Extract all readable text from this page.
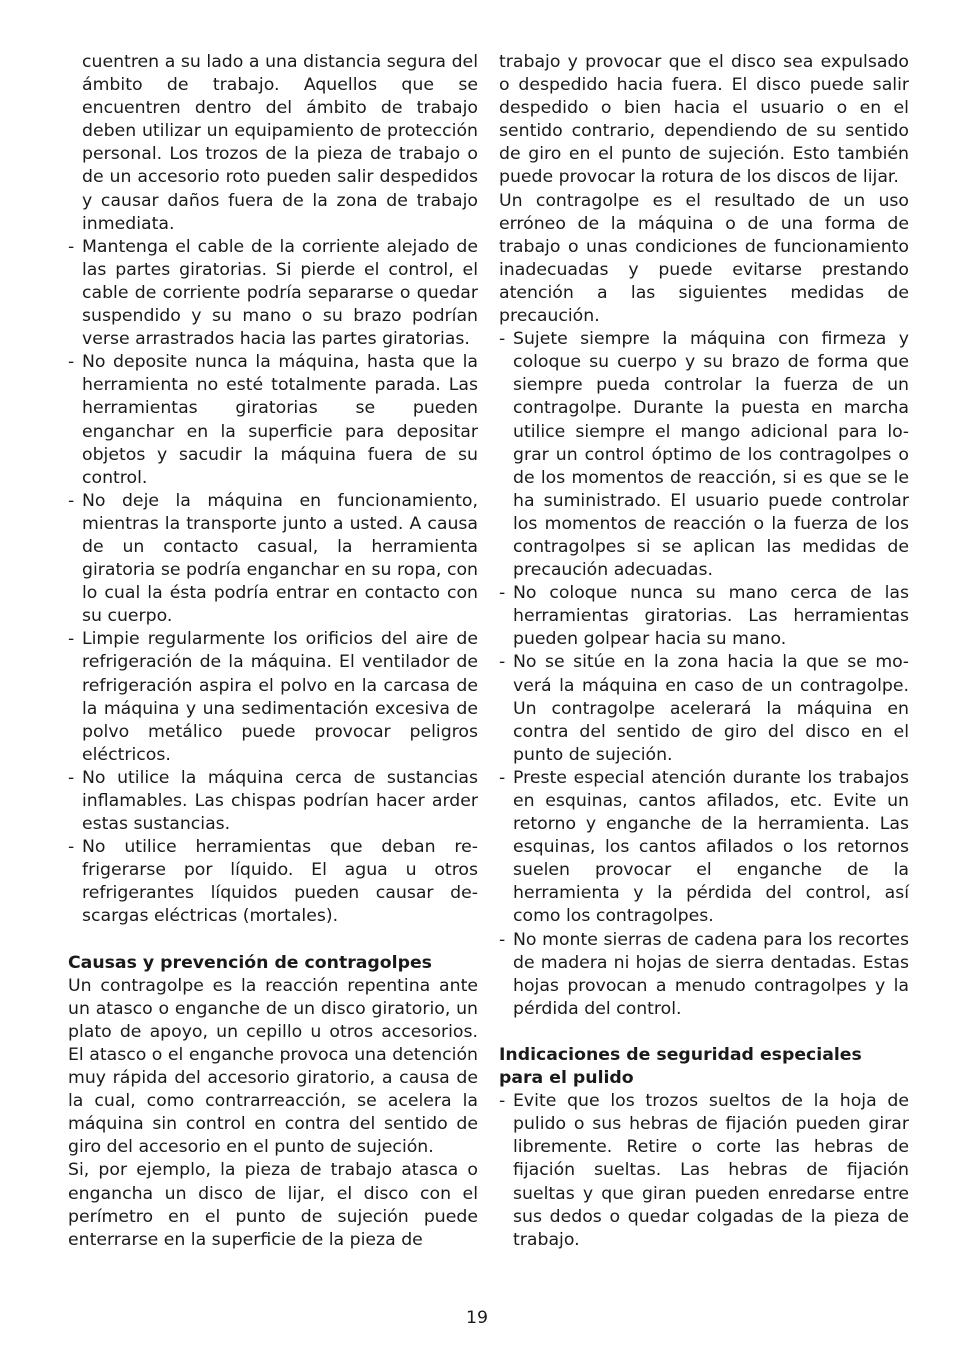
cuentren a su lado a una distancia segura del ámbito de trabajo. Aquellos que se encuentren dentro del ámbito de trabajo deben utilizar un equipamiento de protección personal. Los trozos de la pieza de trabajo o de un accesorio roto pueden salir despedidos y causar daños fuera de la zona de trabajo inmediata.

- Mantenga el cable de la corriente alejado de las partes giratorias. Si pierde el control, el cable de corriente podría separarse o quedar suspendido y su mano o su brazo podrían verse arrastrados hacia las partes giratorias.

- No deposite nunca la máquina, hasta que la herramienta no esté totalmente parada. Las herramientas giratorias se pueden enganchar en la superficie para depositar objetos y sacudir la máquina fuera de su control.

- No deje la máquina en funcionamiento, mientras la transporte junto a usted. A causa de un contacto casual, la herramienta giratoria se podría enganchar en su ropa, con lo cual la ésta podría entrar en contacto con su cuerpo.

- Limpie regularmente los orificios del aire de refrigeración de la máquina. El ventilador de refrigeración aspira el polvo en la carcasa de la máquina y una sedimentación excesiva de polvo metálico puede provocar peligros eléctricos.

- No utilice la máquina cerca de sustancias inflamables. Las chispas podrían hacer arder estas sustancias.

- No utilice herramientas que deban refrigerarse por líquido. El agua u otros refrigerantes líquidos pueden causar descargas eléctricas (mortales).

Causas y prevención de contragolpes

Un contragolpe es la reacción repentina ante un atasco o enganche de un disco giratorio, un plato de apoyo, un cepillo u otros accesorios. El atasco o el enganche provoca una detención muy rápida del accesorio giratorio, a causa de la cual, como contrarreacción, se acelera la máquina sin control en contra del sentido de giro del accesorio en el punto de sujeción.

Si, por ejemplo, la pieza de trabajo atasca o engancha un disco de lijar, el disco con el perímetro en el punto de sujeción puede enterrarse en la superficie de la pieza de

trabajo y provocar que el disco sea expulsado o despedido hacia fuera. El disco puede salir despedido o bien hacia el usuario o en el sentido contrario, dependiendo de su sentido de giro en el punto de sujeción. Esto también puede provocar la rotura de los discos de lijar.

Un contragolpe es el resultado de un uso erróneo de la máquina o de una forma de trabajo o unas condiciones de funcionamiento inadecuadas y puede evitarse prestando atención a las siguientes medidas de precaución.

- Sujete siempre la máquina con firmeza y coloque su cuerpo y su brazo de forma que siempre pueda controlar la fuerza de un contragolpe. Durante la puesta en marcha utilice siempre el mango adicional para lograr un control óptimo de los contragolpes o de los momentos de reacción, si es que se le ha suministrado. El usuario puede controlar los momentos de reacción o la fuerza de los contragolpes si se aplican las medidas de precaución adecuadas.

- No coloque nunca su mano cerca de las herramientas giratorias. Las herramientas pueden golpear hacia su mano.

- No se sitúe en la zona hacia la que se moverá la máquina en caso de un contragolpe. Un contragolpe acelerará la máquina en contra del sentido de giro del disco en el punto de sujeción.

- Preste especial atención durante los trabajos en esquinas, cantos afilados, etc. Evite un retorno y enganche de la herramienta. Las esquinas, los cantos afilados o los retornos suelen provocar el enganche de la herramienta y la pérdida del control, así como los contragolpes.

- No monte sierras de cadena para los recortes de madera ni hojas de sierra dentadas. Estas hojas provocan a menudo contragolpes y la pérdida del control.

Indicaciones de seguridad especiales para el pulido

- Evite que los trozos sueltos de la hoja de pulido o sus hebras de fijación pueden girar libremente. Retire o corte las hebras de fijación sueltas. Las hebras de fijación sueltas y que giran pueden enredarse entre sus dedos o quedar colgadas de la pieza de trabajo.

19
